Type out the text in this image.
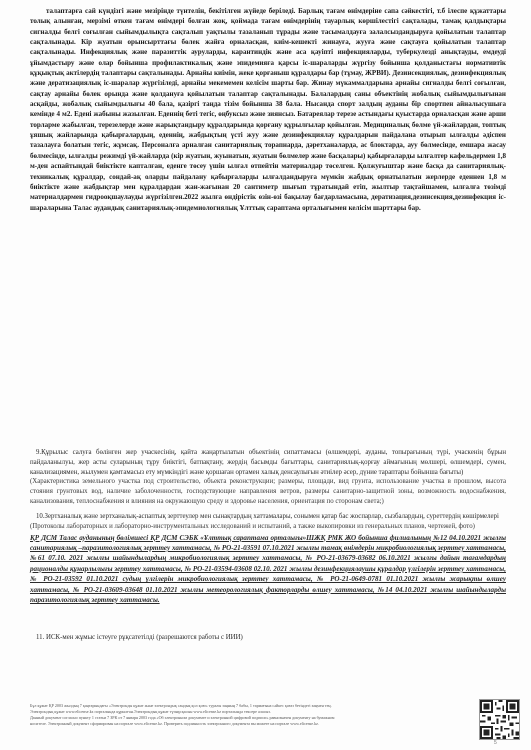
талаптарға сай күндізгі және мезірінде түнтелін, бекітілген жүйеде беріледі. Барлық тағам өнімдеріне сапа сәйкестігі, т.б ілеспе құжаттары толық алынған, мерзімі өткен тағам өнімдері болған жоқ, қоймада тағам өнімдерінің тауарлық көршілестігі сақталады, тамақ қалдықтары сигналды белгі соғылған сыйымдылықта сақталып уақтылы тазаланып тұрады және тасымалдауға залалсыздандыруға қойылатын талаптар сақталынады. Кір жуатын орынсырттағы бөлек жайға орналасқан, киім-кешекті жинауға, жууға және сақтауға қойылатын талаптар сақталынады. Инфекциялық және паразиттік ауруларды, карантиндік және аса қауіпті инфекцияларды, туберкулезді анықтауды, емдеуді ұйымдастыру және олар бойынша профилактикалық және эпидемияға қарсы іс-шараларды жүргізу бойынша қолданыстағы нормативтік құқықтық актілердің талаптары сақталынады. Арнайы киімін, жеке қорғаныш құралдары бар (тұмау, ЖРВИ). Дезинсекциялық, дезинфекциялық және дератизациялық іс-шаралар жүргізіледі, арнайы мекемемен келісім шарты бар. Жинау мүкаммалдарына арнайы сигналды белгі соғылған, сақтау арнайы бөлек орында және қолдануға қойылатын талаптар сақталынады. Балалардың саны объектінің жобалық сыйымдылығынан асқайды, жобалық сыйымдылығы 40 бала, қазіргі таңда тізім бойынша 38 бала. Нысанда спорт залдың ауданы бір спортпен айналысушыға кемінде 4 м2. Едені жабыны жазылған. Еденнің беті тегіс, өңбуксыз және зиянсыз. Батареялар терезе астындағы қуыстарда орналасқан және арши торларме жабылған, терезелерде және жарықтандыру құралдарында қорғану құрылғылар қойылған. Медициналық бөлме үй-жайлардан, топтық ұяшық жайларында қабырғалардың, еденнің, жабдықтың үсті жуу және дезинфекциялау құралдарын пайдалана отырып ылғалды әдіспен тазалауға болатын тегіс, жұмсақ. Персоналға арналған санитариялық торапнарда, дәретханаларда, ас блоктарда, ауу бөлмесінде, емшара жасау бөлмесінде, ылғалды режимді үй-жайларда (кір жуатын, жуынатын, жуатын бөлмелер және басқалары) қабырғаларды ылғалтер кафельдермен 1,8 м-ден аспайтындай биіктікте капталған, еденге төсеу үшін ылғал өтпейтін материалдар төселген. Қолжуғыштар және басқа да санитариялық-техникалық құралдар, сондай-ақ оларды пайдалану қабырғаларды ылғалдандыруға мүмкін жабдық орнатылатын жерлерде еденнен 1,8 м биіктікте және жабдықтар мен құралдардан жан-жағынан 20 сантиметр шығып тұратындай етіп, жылтыр тақтайшамен, ылғалға төзімді материалдармен гидрооқшаулауды жүргізілген.2022 жылға өндірістік өзін-өзі бақылау бағдарламасына, дератизация,дезинсекция,дезинфекция іс-шараларына Талас аудандық санитариялық-эпидемиологиялық Ұлттық сараптама орталығымен келісім шарттары бар.
9.Құрылыс салуға бөлінген жер учаскесінің, қайта жаңартылатын объектінің сипаттамасы (өлшемдері, ауданы, топырағының түрі, учаскенің бұрын пайдаланылуы, жер асты суларының тұру биіктігі, батпақтану, жердің басымды бағыттары, санитариялық-қорғау аймағының мөлшері, өлшемдері, сумен, канализациямен, жылумен қамтамасыз ету мүмкіндігі және қоршаған ортамен халық денсаулығын әтиілер әсер, дүние тараптары бойынша бағыты)
(Характеристика земельного участка под строительство, объекта реконструкции; размеры, площади, вид грунта, использование участка в прошлом, высота стояния грунтовых вод, наличие заболоченности, господствующие направления ветров, размеры санитарно-защитной зоны, возможность водоснабжения, канализования, теплоснабжения и влияния на окружающую среду и здоровье населения, ориентация по сторонам света;)
10.Зертханалық және зертханалық-аспаптық зерттеулер мен сынақтардың хаттамалары, сонымен қатар бас жоспарлар, сызбалардың, суреттердің көшірмелері
(Протоколы лабораторных и лабораторно-инструментальных исследований и испытаний, а также выкопировки из генеральных планов, чертежей, фото)
ҚР ДСМ Талас ауданының бөлімшесі ҚР ДСМ СЭБК «Ұлттық сараптама орталығы»ШЖҚ РМК ЖО бойынша филиалының №12 04.10.2021 жылғы санитариялық –паразитологиялық зерттеу хаттамасы, № РО-21-03591 07.10.2021 жылғы тамақ өнімдерін микробиологиялық зерттеу хаттамасы, №61 07.10. 2021 жылғы шайындылардың микробиологиялық зерттеу хаттамасы, № РО-21-03679-03682 06.10.2021 жылғы дайын тағамдардың рационалды құнарлылығы зерттеу хаттамасы, № РО-21-03594-03608 02.10. 2021 жылғы дезинфекциялаушы құралдар үлгілерін зерттеу хаттамасы, № РО-21-03592 01.10.2021 судың үлгілерін микробиологиялық зерттеу хаттамасы, № РО-21-0649-0781 01.10.2021 жылғы жарықты өлшеу хаттамасы, № РО-21-03609-03648 01.10.2021 жылғы метеорологиялық факторларды өлшеу хаттамасы, №14 04.10.2021 жылғы шайындыларды паразитологиялық зерттеу хаттамасы.
11. ИСК-мен жұмыс істеуге рұқсатетілді (разрешаются работы с ИИИ)
Бұл құжат ҚР 2003 жылдың 7 қаңтарындағы «Электронды құжат және электрондық сандық қол қою» туралы заңның 7 бабы, 1 тармағына сәйкес қағаз бетіндегі заңмен тең.
Электрондық құжат www.elicense.kz порталында құрылған.Электрондық құжат түпнұсқасын www.elicense.kz порталында тексере аласыз.
Данный документ согласно пункту 1 статьи 7 ЗРК от 7 января 2003 года «Об электронном документе и электронной цифровой подписи» равнозначен документу на бумажном
носителе. Электронный документ сформирован на портале www.elicense.kz. Проверить подлинность электронного документа вы можете на портале www.elicense.kz.
5
